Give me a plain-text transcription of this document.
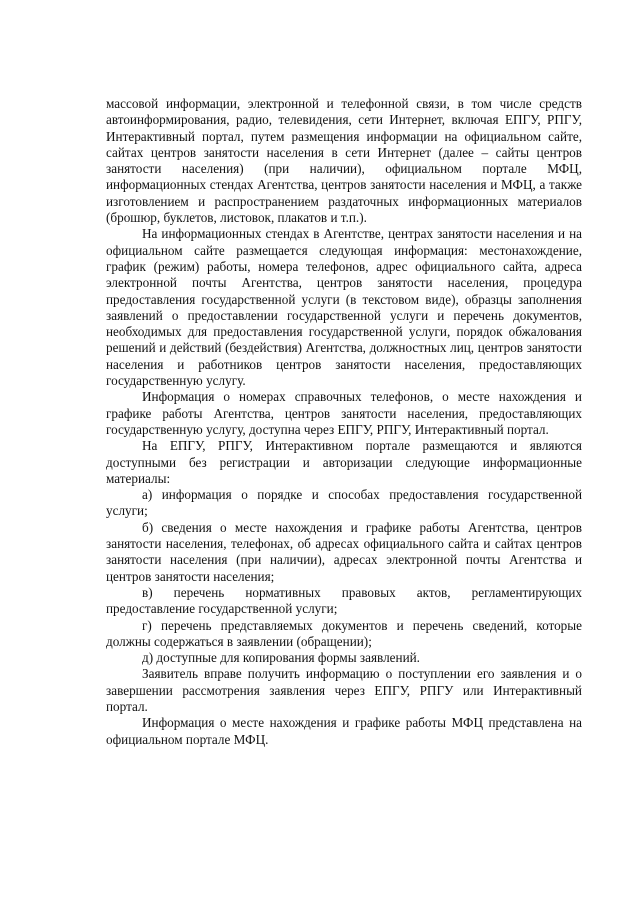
массовой информации, электронной и телефонной связи, в том числе средств автоинформирования, радио, телевидения, сети Интернет, включая ЕПГУ, РПГУ, Интерактивный портал, путем размещения информации на официальном сайте, сайтах центров занятости населения в сети Интернет (далее – сайты центров занятости населения) (при наличии), официальном портале МФЦ, информационных стендах Агентства, центров занятости населения и МФЦ, а также изготовлением и распространением раздаточных информационных материалов (брошюр, буклетов, листовок, плакатов и т.п.).

На информационных стендах в Агентстве, центрах занятости населения и на официальном сайте размещается следующая информация: местонахождение, график (режим) работы, номера телефонов, адрес официального сайта, адреса электронной почты Агентства, центров занятости населения, процедура предоставления государственной услуги (в текстовом виде), образцы заполнения заявлений о предоставлении государственной услуги и перечень документов, необходимых для предоставления государственной услуги, порядок обжалования решений и действий (бездействия) Агентства, должностных лиц, центров занятости населения и работников центров занятости населения, предоставляющих государственную услугу.

Информация о номерах справочных телефонов, о месте нахождения и графике работы Агентства, центров занятости населения, предоставляющих государственную услугу, доступна через ЕПГУ, РПГУ, Интерактивный портал.

На ЕПГУ, РПГУ, Интерактивном портале размещаются и являются доступными без регистрации и авторизации следующие информационные материалы:

а) информация о порядке и способах предоставления государственной услуги;

б) сведения о месте нахождения и графике работы Агентства, центров занятости населения, телефонах, об адресах официального сайта и сайтах центров занятости населения (при наличии), адресах электронной почты Агентства и центров занятости населения;

в) перечень нормативных правовых актов, регламентирующих предоставление государственной услуги;

г) перечень представляемых документов и перечень сведений, которые должны содержаться в заявлении (обращении);

д) доступные для копирования формы заявлений.

Заявитель вправе получить информацию о поступлении его заявления и о завершении рассмотрения заявления через ЕПГУ, РПГУ или Интерактивный портал.

Информация о месте нахождения и графике работы МФЦ представлена на официальном портале МФЦ.
